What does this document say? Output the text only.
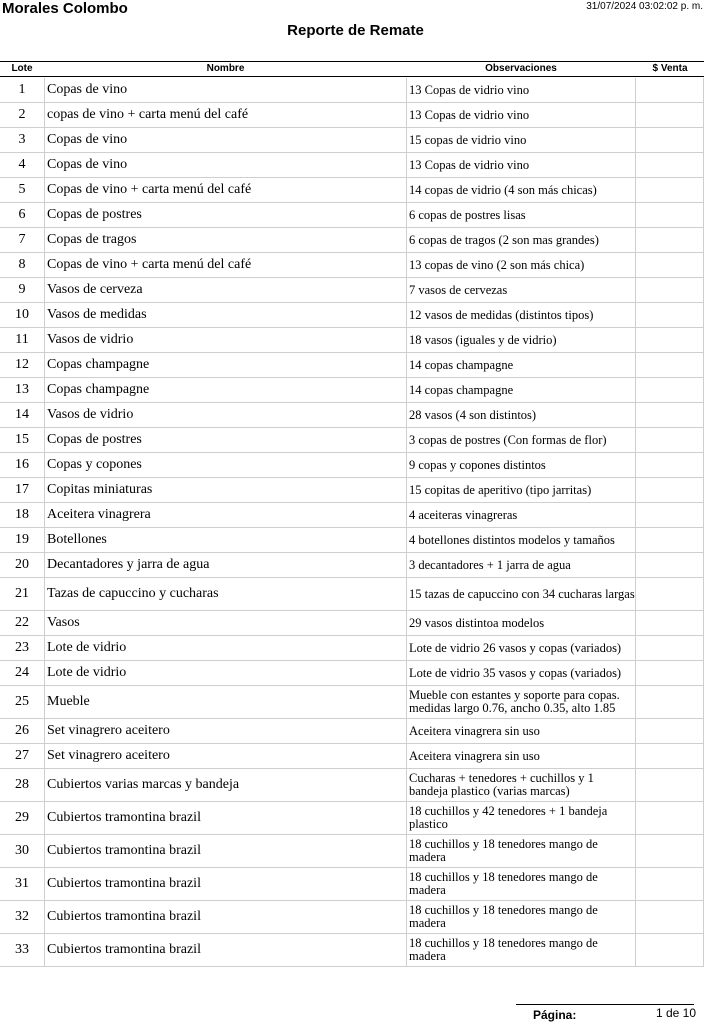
Morales Colombo	31/07/2024 03:02:02 p. m.
Reporte de Remate
Lote	Nombre	Observaciones	$ Venta
1	Copas de vino	13 Copas de vidrio vino
2	copas de vino + carta menú del café	13 Copas de vidrio vino
3	Copas de vino	15 copas de vidrio vino
4	Copas de vino	13 Copas de vidrio vino
5	Copas de vino + carta menú del café	14 copas de vidrio (4 son más chicas)
6	Copas de postres	6 copas de postres lisas
7	Copas de tragos	6 copas de tragos (2 son mas grandes)
8	Copas de vino + carta menú del café	13 copas de vino (2 son más chica)
9	Vasos de cerveza	7 vasos de cervezas
10	Vasos de medidas	12 vasos de medidas (distintos tipos)
11	Vasos de vidrio	18 vasos (iguales y de vidrio)
12	Copas champagne	14 copas champagne
13	Copas champagne	14 copas champagne
14	Vasos de vidrio	28 vasos (4 son distintos)
15	Copas de postres	3 copas de postres (Con formas de flor)
16	Copas y copones	9 copas y copones distintos
17	Copitas miniaturas	15 copitas de aperitivo (tipo jarritas)
18	Aceitera vinagrera	4 aceiteras vinagreras
19	Botellones	4 botellones distintos modelos y tamaños
20	Decantadores y jarra de agua	3 decantadores + 1 jarra de agua
21	Tazas de capuccino y cucharas	15 tazas de capuccino con 34 cucharas largas
22	Vasos	29 vasos distintoa modelos
23	Lote de vidrio	Lote de vidrio 26 vasos y copas (variados)
24	Lote de vidrio	Lote de vidrio 35 vasos y copas (variados)
25	Mueble	Mueble con estantes y soporte para copas. medidas largo 0.76, ancho 0.35, alto 1.85
26	Set vinagrero aceitero	Aceitera vinagrera sin uso
27	Set vinagrero aceitero	Aceitera vinagrera sin uso
28	Cubiertos varias marcas y bandeja	Cucharas + tenedores + cuchillos y 1 bandeja plastico (varias marcas)
29	Cubiertos tramontina brazil	18 cuchillos y 42 tenedores + 1 bandeja plastico
30	Cubiertos tramontina brazil	18 cuchillos y 18 tenedores mango de madera
31	Cubiertos tramontina brazil	18 cuchillos y 18 tenedores mango de madera
32	Cubiertos tramontina brazil	18 cuchillos y 18 tenedores mango de madera
33	Cubiertos tramontina brazil	18 cuchillos y 18 tenedores mango de madera
Página:	1 de 10
